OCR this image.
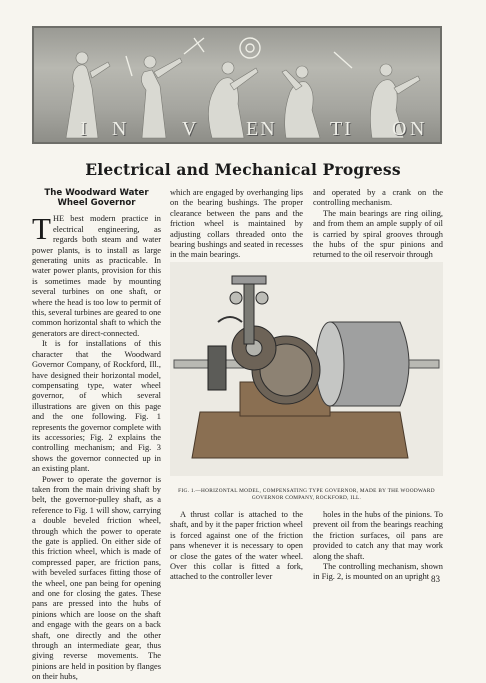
I N	V EN	TI O N
Electrical and Mechanical Progress
The Woodward Water Wheel Governor

THE best modern practice in electrical engineering, as regards both steam and water power plants, is to install as large generating units as practicable. In water power plants, provision for this is sometimes made by mounting several turbines on one shaft, or where the head is too low to permit of this, several turbines are geared to one common horizontal shaft to which the generators are direct-connected.

It is for installations of this character that the Woodward Governor Company, of Rockford, Ill., have designed their horizontal model, compensating type, water wheel governor, of which several illustrations are given on this page and the one following. Fig. 1 represents the governor complete with its accessories; Fig. 2 explains the controlling mechanism; and Fig. 3 shows the governor connected up in an existing plant.

Power to operate the governor is taken from the main driving shaft by belt, the governor-pulley shaft, as a reference to Fig. 1 will show, carrying a double beveled friction wheel, through which the power to operate the gate is applied. On either side of this friction wheel, which is made of compressed paper, are friction pans, with beveled surfaces fitting those of the wheel, one pan being for opening and one for closing the gates. These pans are pressed into the hubs of pinions which are loose on the shaft and engage with the gears on a back shaft, one directly and the other through an intermediate gear, thus giving reverse movements. The pinions are held in position by flanges on their hubs,

which are engaged by overhanging lips on the bearing bushings. The proper clearance between the pans and the friction wheel is maintained by adjusting collars threaded onto the bearing bushings and seated in recesses in the main bearings.

and operated by a crank on the controlling mechanism.

The main bearings are ring oiling, and from them an ample supply of oil is carried by spiral grooves through the hubs of the spur pinions and returned to the oil reservoir through

FIG. 1.—HORIZONTAL MODEL, COMPENSATING TYPE GOVERNOR, MADE BY THE WOODWARD GOVERNOR COMPANY, ROCKFORD, ILL.

A thrust collar is attached to the shaft, and by it the paper friction wheel is forced against one of the friction pans whenever it is necessary to open or close the gates of the water wheel. Over this collar is fitted a fork, attached to the controller lever

holes in the hubs of the pinions. To prevent oil from the bearings reaching the friction surfaces, oil pans are provided to catch any that may work along the shaft.

The controlling mechanism, shown in Fig. 2, is mounted on an upright 83
